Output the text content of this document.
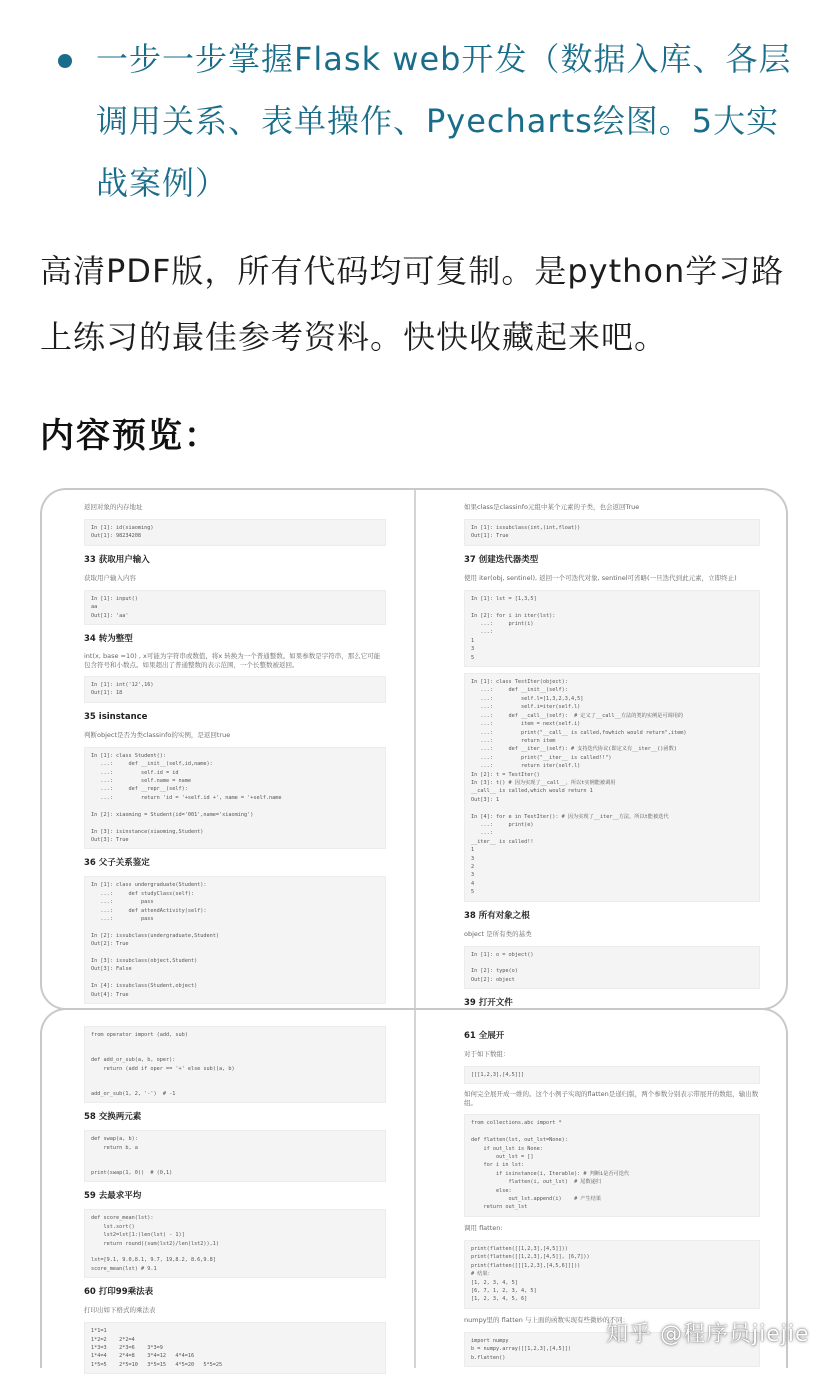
一步一步掌握Flask web开发（数据入库、各层调用关系、表单操作、Pyecharts绘图。5大实战案例）
高清PDF版，所有代码均可复制。是python学习路上练习的最佳参考资料。快快收藏起来吧。
内容预览：
返回对象的内存地址
In [1]: id(xiaoming)
Out[1]: 98234208
33 获取用户输入
获取用户输入内容
In [1]: input()
aa
Out[1]: 'aa'
34 转为整型
int(x, base =10) , x可能为字符串或数值，将x 转换为一个普通整数。如果参数是字符串，那么它可能包含符号和小数点。如果超出了普通整数的表示范围，一个长整数被返回。
In [1]: int('12',16)
Out[1]: 18
35 isinstance
判断object是否为类classinfo的实例，是返回true
In [1]: class Student():
...:     def __init__(self,id,name):
...:         self.id = id
...:         self.name = name
...:     def __repr__(self):
...:         return 'id = '+self.id +', name = '+self.name

In [2]: xiaoming = Student(id='001',name='xiaoming')

In [3]: isinstance(xiaoming,Student)
Out[3]: True
36 父子关系鉴定
In [1]: class undergraduate(Student):
...:     def studyClass(self):
...:         pass
...:     def attendActivity(self):
...:         pass

In [2]: issubclass(undergraduate,Student)
Out[2]: True

In [3]: issubclass(object,Student)
Out[3]: False

In [4]: issubclass(Student,object)
Out[4]: True
如果class是classinfo元组中某个元素的子类，也会返回True
In [1]: issubclass(int,(int,float))
Out[1]: True
37 创建迭代器类型
使用 iter(obj, sentinel), 返回一个可迭代对象, sentinel可省略(一旦迭代到此元素，立即终止)
In [1]: lst = [1,3,5]

In [2]: for i in iter(lst):
...:     print(i)
...:
1
3
5
In [1]: class TestIter(object):
...:     def __init__(self):
...:         self.l=[1,3,2,3,4,5]
...:         self.i=iter(self.l)
...:     def __call__(self):  # 定义了__call__方法的类的实例是可调用的
...:         item = next(self.i)
...:         print("__call__ is called,fowhich would return",item)
...:         return item
...:     def __iter__(self): # 支持迭代协议(即定义有__iter__()函数)
...:         print("__iter__ is called!!")
...:         return iter(self.l)
In [2]: t = TestIter()
In [3]: t() # 因为实现了__call__，所以t实例能被调用
__call__ is called,which would return 1
Out[3]: 1

In [4]: for e in TestIter(): # 因为实现了__iter__方法，所以t能被迭代
...:     print(e)
...:
__iter__ is called!!
1
3
2
3
4
5
38 所有对象之根
object 是所有类的基类
In [1]: o = object()

In [2]: type(o)
Out[2]: object
39 打开文件
from operator import (add, sub)

def add_or_sub(a, b, oper):
return (add if oper == '+' else sub)(a, b)

add_or_sub(1, 2, '-')  # -1
58 交换两元素
def swap(a, b):
return b, a

print(swap(1, 0))  # (0,1)
59 去最求平均
def score_mean(lst):
lst.sort()
lst2=lst[1:(len(lst) - 1)]
return round((sum(lst2)/len(lst2)),1)

lst=[9.1, 9.0,8.1, 9.7, 19,8.2, 8.6,9.8]
score_mean(lst) # 9.1
60 打印99乘法表
打印出如下格式的乘法表
1*1=1
1*2=2    2*2=4
1*3=3    2*3=6    3*3=9
1*4=4    2*4=8    3*4=12   4*4=16
1*5=5    2*5=10   3*5=15   4*5=20   5*5=25
61 全展开
对于如下数组：
[[[1,2,3],[4,5]]]
如何完全展开成一维的。这个小例子实现的flatten是递归版，两个参数分别表示带展开的数组，输出数组。
from collections.abc import *

def flatten(lst, out_lst=None):
if out_lst is None:
out_lst = []
for i in lst:
if isinstance(i, Iterable): # 判断i是否可迭代
flatten(i, out_lst)  # 尾数递归
else:
out_lst.append(i)    # 产生结果
return out_lst
调用 flatten:
print(flatten([[1,2,3],[4,5]]))
print(flatten([[1,2,3],[4,5]], [6,7]))
print(flatten([[[1,2,3],[4,5,6]]]))
# 结果：
[1, 2, 3, 4, 5]
[6, 7, 1, 2, 3, 4, 5]
[1, 2, 3, 4, 5, 6]
numpy里的 flatten 与上面的函数实现有些微妙的不同：
import numpy
b = numpy.array([[1,2,3],[4,5]])
b.flatten()
知乎 @程序员jiejie
